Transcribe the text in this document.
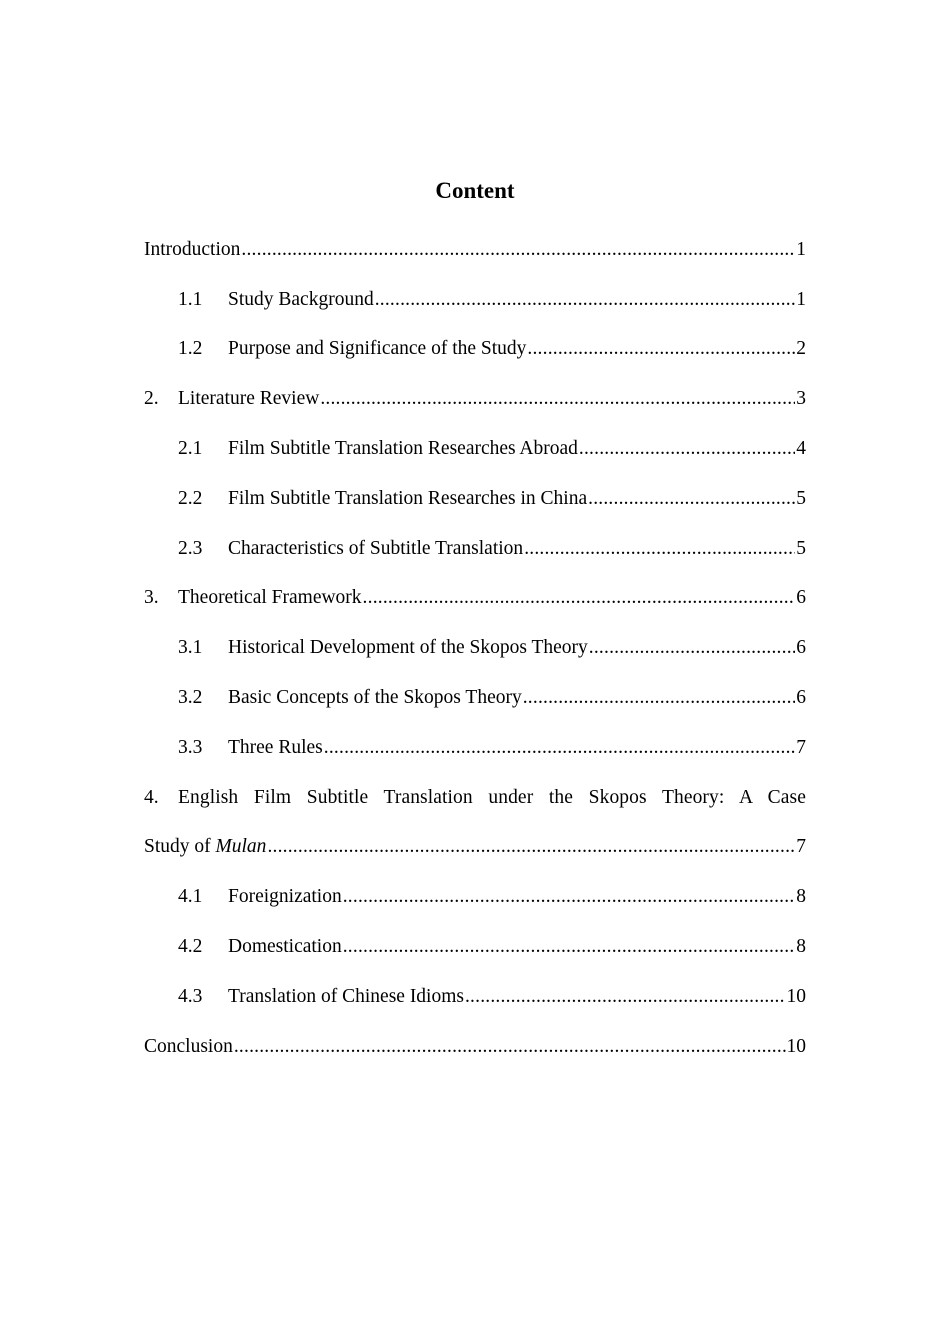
Content
Introduction .....	1
1.1	Study Background .....	1
1.2	Purpose and Significance of the Study .....	2
2. Literature Review .....	3
2.1	Film Subtitle Translation Researches Abroad .....	4
2.2	Film Subtitle Translation Researches in China .....	5
2.3	Characteristics of Subtitle Translation .....	5
3. Theoretical Framework .....	6
3.1	Historical Development of the Skopos Theory .....	6
3.2	Basic Concepts of the Skopos Theory .....	6
3.3	Three Rules .....	7
4. English Film Subtitle Translation under the Skopos Theory: A Case
Study of Mulan .....	7
4.1	Foreignization .....	8
4.2	Domestication .....	8
4.3	Translation of Chinese Idioms .....	10
Conclusion .....	10
